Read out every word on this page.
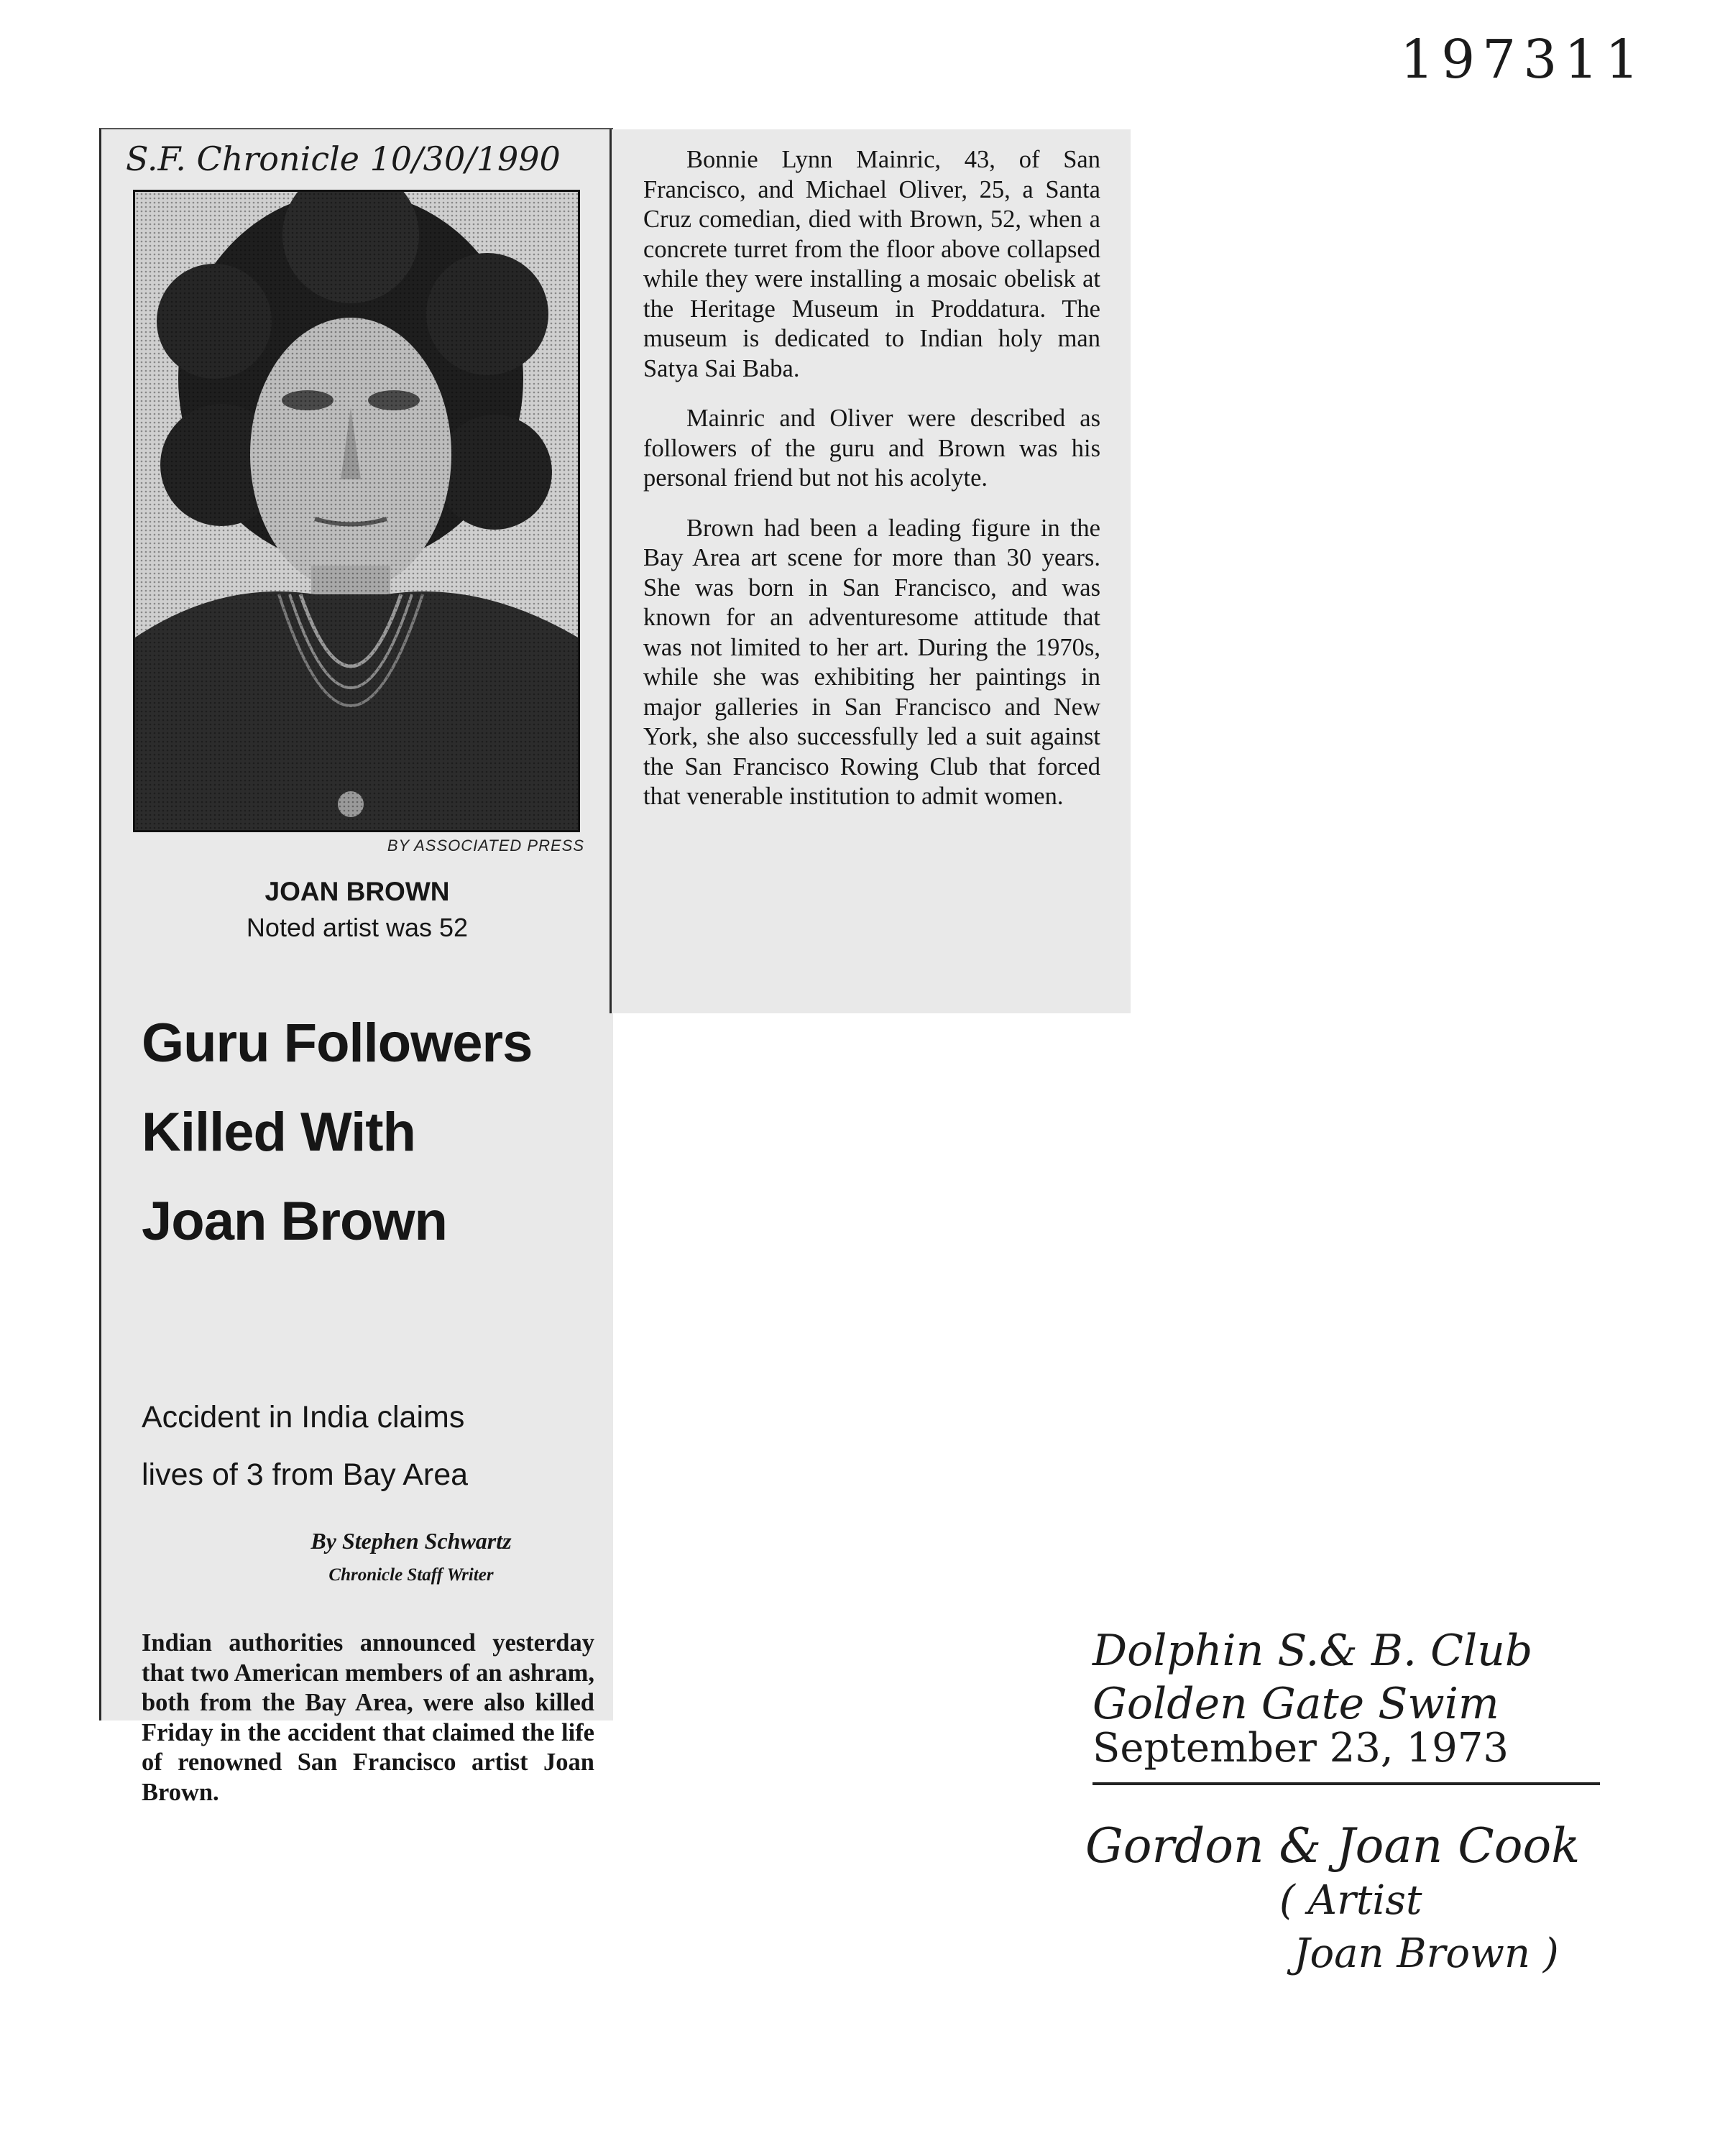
197311
S.F. Chronicle 10/30/1990
BY ASSOCIATED PRESS
JOAN BROWN
Noted artist was 52
Guru Followers
Killed With
Joan Brown
Accident in India claims
lives of 3 from Bay Area
By Stephen Schwartz
Chronicle Staff Writer

Indian authorities announced yesterday that two American members of an ashram, both from the Bay Area, were also killed Friday in the accident that claimed the life of renowned San Francisco artist Joan Brown.

Bonnie Lynn Mainric, 43, of San Francisco, and Michael Oliver, 25, a Santa Cruz comedian, died with Brown, 52, when a concrete turret from the floor above collapsed while they were installing a mosaic obelisk at the Heritage Museum in Proddatura. The museum is dedicated to Indian holy man Satya Sai Baba.

Mainric and Oliver were described as followers of the guru and Brown was his personal friend but not his acolyte.

Brown had been a leading figure in the Bay Area art scene for more than 30 years. She was born in San Francisco, and was known for an adventuresome attitude that was not limited to her art. During the 1970s, while she was exhibiting her paintings in major galleries in San Francisco and New York, she also successfully led a suit against the San Francisco Rowing Club that forced that venerable institution to admit women.

Dolphin S.& B. Club
Golden Gate Swim
September 23, 1973
Gordon & Joan Cook
( Artist
Joan Brown )
